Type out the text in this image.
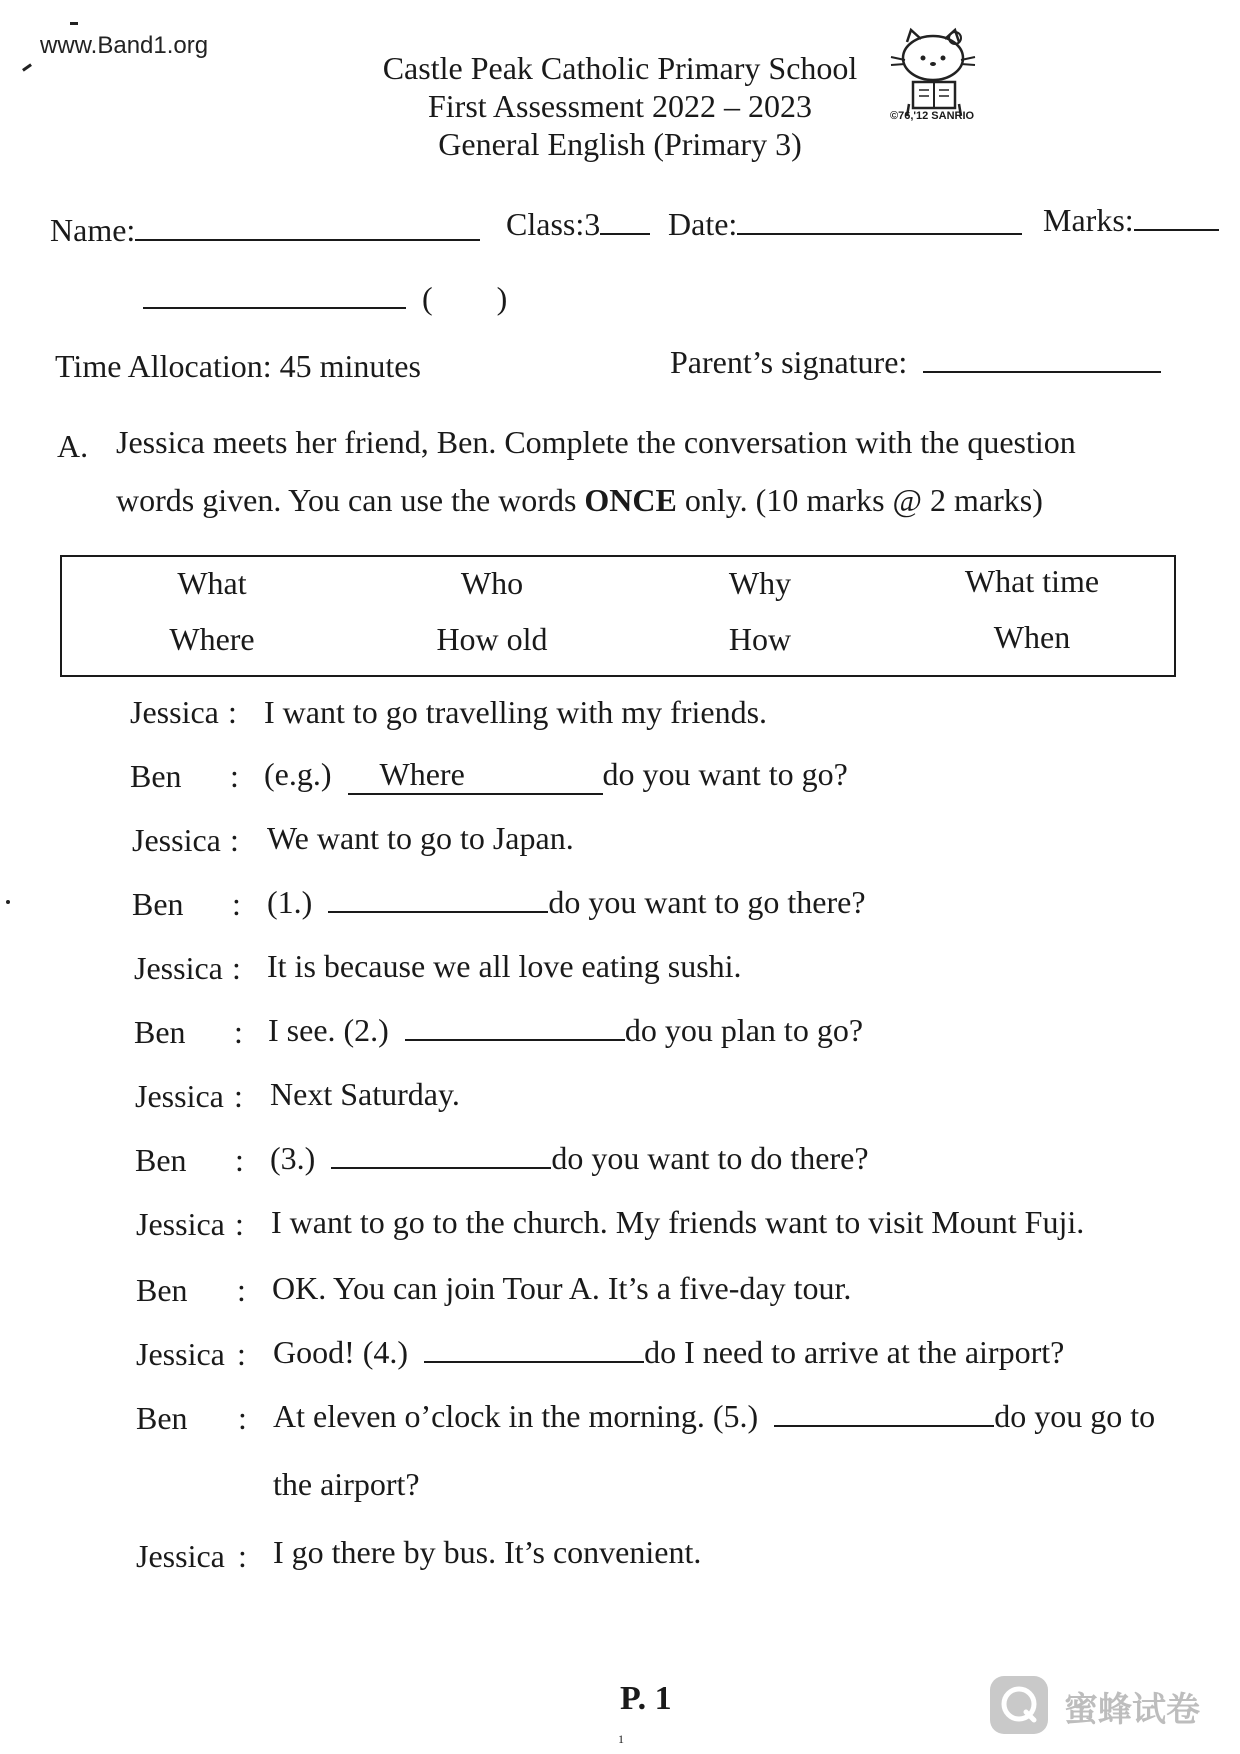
www.Band1.org
Castle Peak Catholic Primary School
First Assessment 2022 – 2023
General English (Primary 3)
©76,'12 SANRIO
Name:	Class:3	Date:	Marks:
(        )
Time Allocation: 45 minutes	Parent’s signature:
A. Jessica meets her friend, Ben. Complete the conversation with the question
words given. You can use the words ONCE only. (10 marks @ 2 marks)
What	Who	Why	What time
Where	How old	How	When
Jessica : I want to go travelling with my friends.
Ben : (e.g.)  Where	do you want to go?
Jessica : We want to go to Japan.
Ben : (1.)	do you want to go there?
Jessica : It is because we all love eating sushi.
Ben : I see. (2.)	do you plan to go?
Jessica : Next Saturday.
Ben : (3.)	do you want to do there?
Jessica : I want to go to the church. My friends want to visit Mount Fuji.
Ben : OK. You can join Tour A. It’s a five-day tour.
Jessica : Good! (4.)	do I need to arrive at the airport?
Ben : At eleven o’clock in the morning. (5.)	do you go to
the airport?
Jessica : I go there by bus. It’s convenient.
P. 1
1
蜜蜂试卷
